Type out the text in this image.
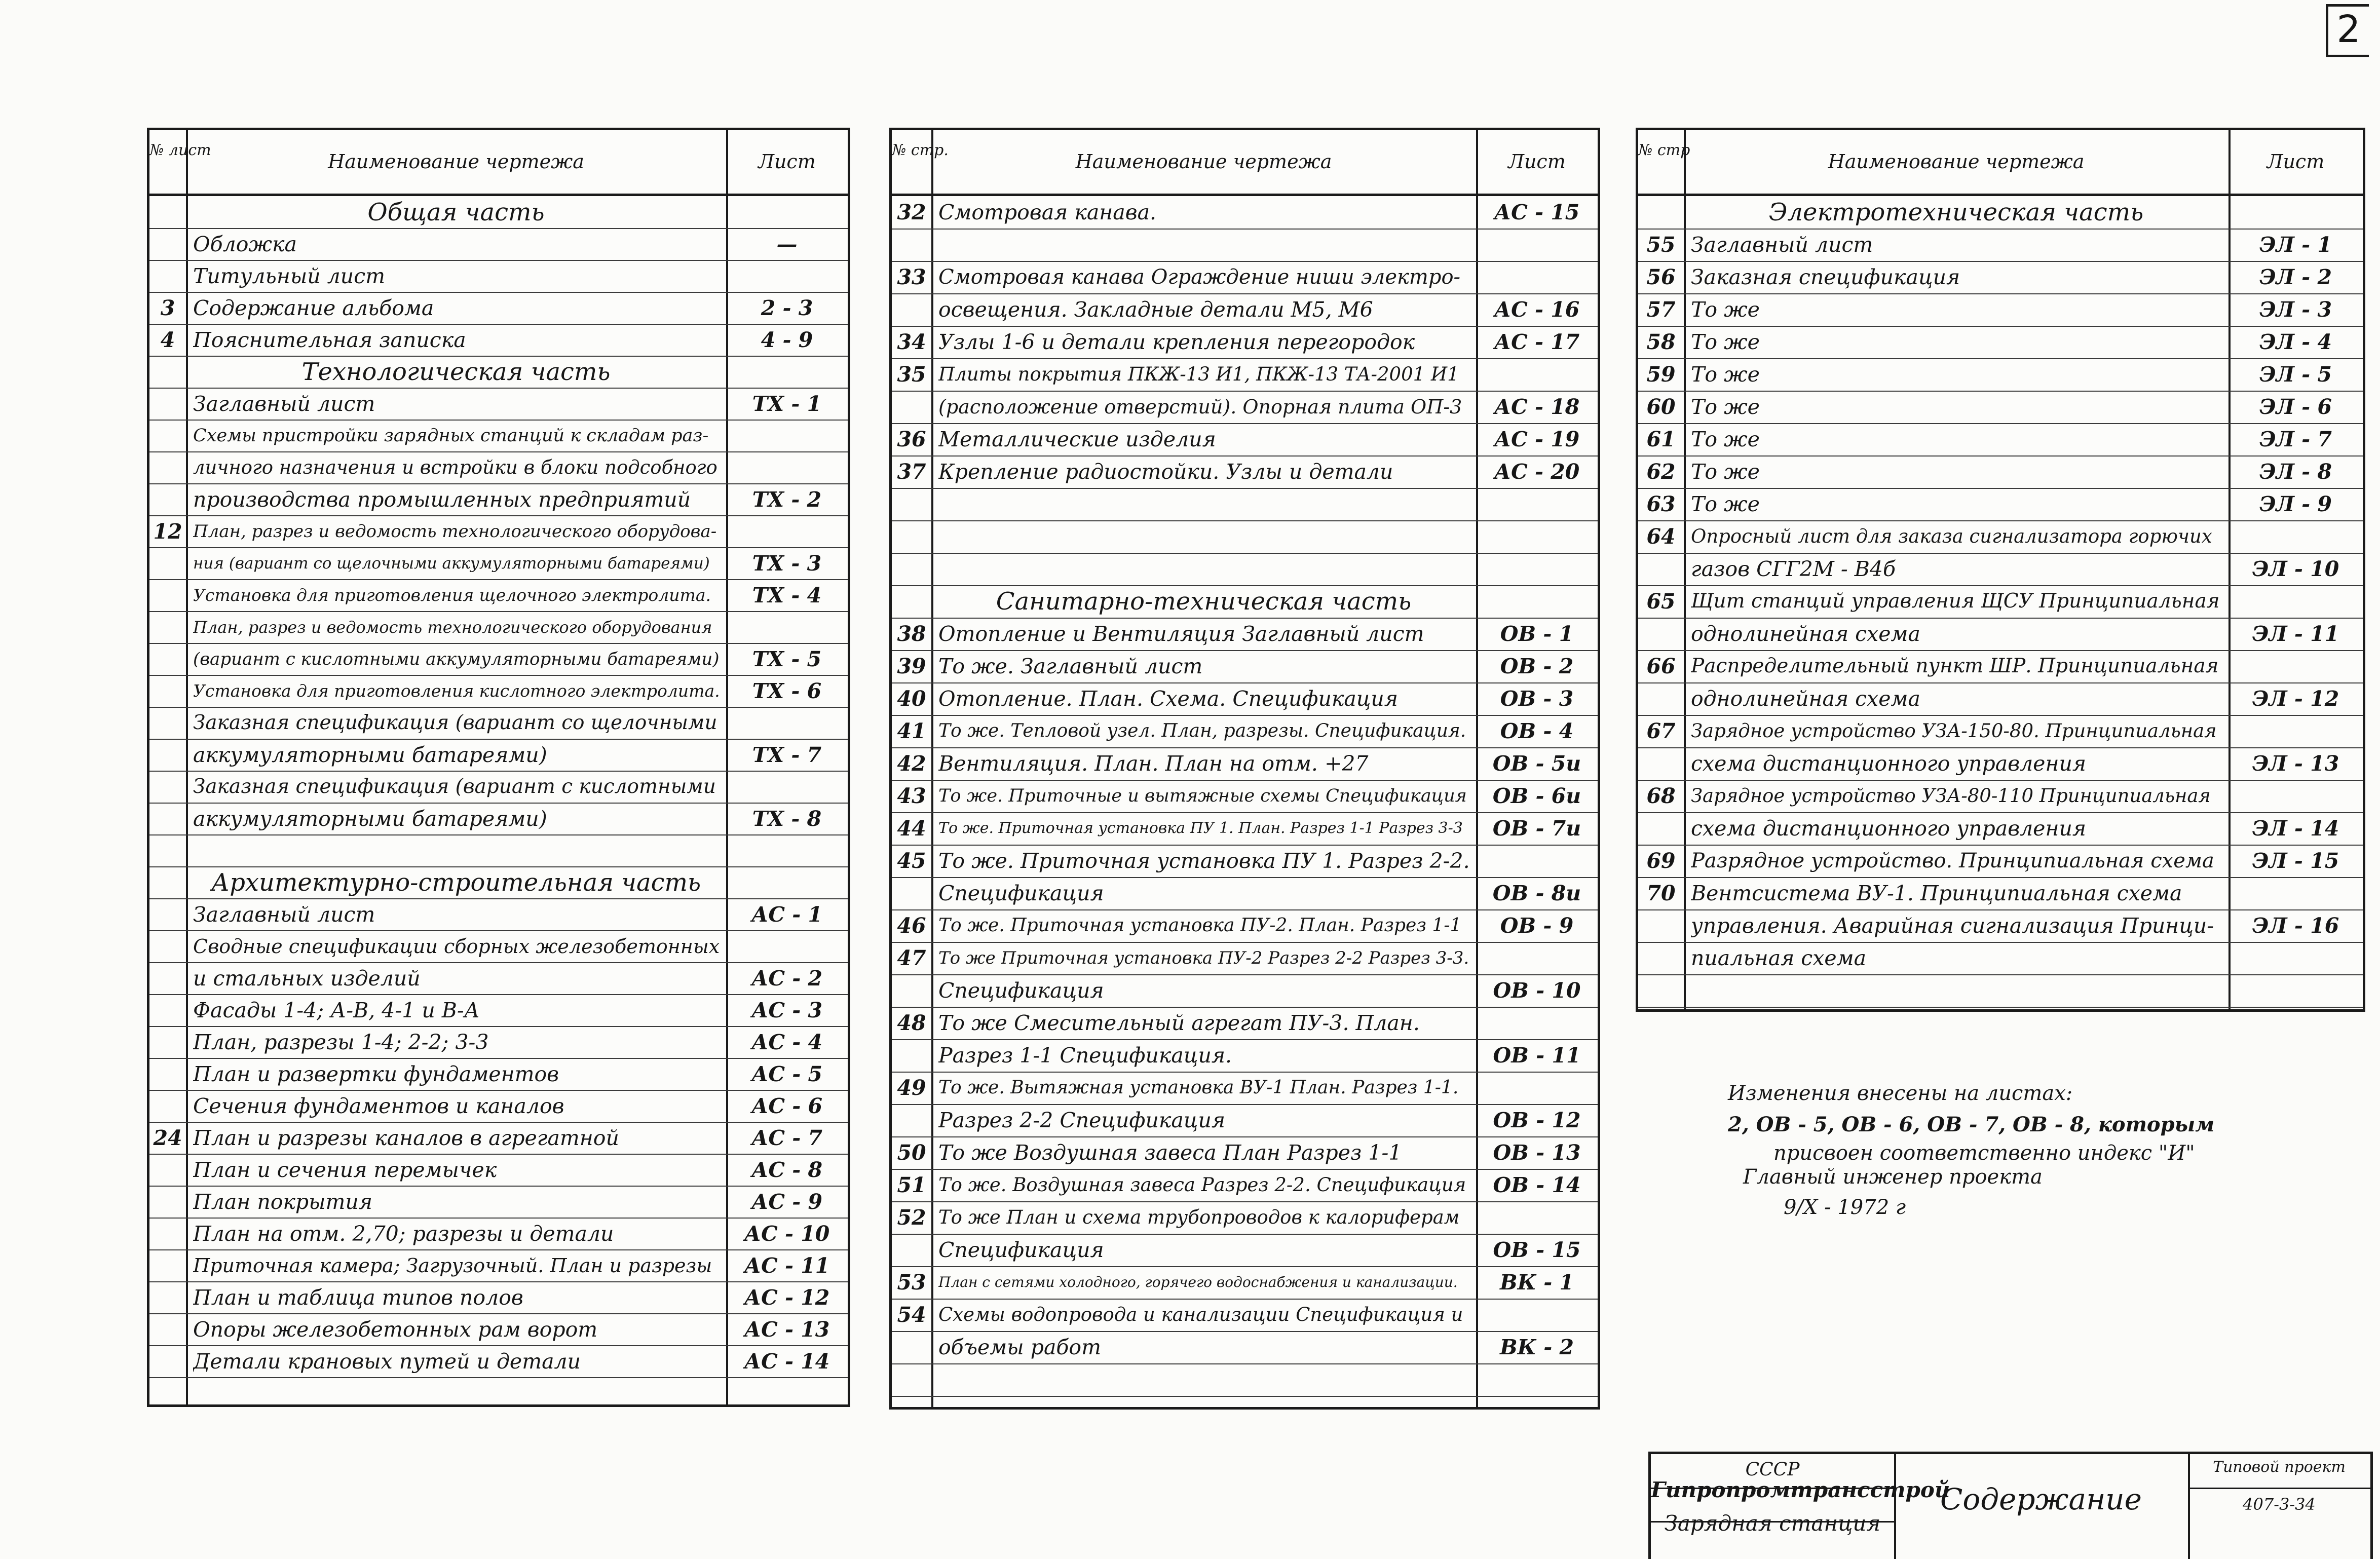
2
№ лист
Наименование чертежа	Лист
Общая часть
Обложка	—
Титульный лист
3 Содержание альбома	2 - 3
4 Пояснительная записка	4 - 9
Технологическая часть
Заглавный лист	ТХ - 1
Схемы пристройки зарядных станций к складам раз-
личного назначения и встройки в блоки подсобного
производства промышленных предприятий	ТХ - 2
12 План, разрез и ведомость технологического оборудова-
ния (вариант со щелочными аккумуляторными батареями)	ТХ - 3
Установка для приготовления щелочного электролита.	ТХ - 4
План, разрез и ведомость технологического оборудования
(вариант с кислотными аккумуляторными батареями)	ТХ - 5
Установка для приготовления кислотного электролита.	ТХ - 6
Заказная спецификация (вариант со щелочными
аккумуляторными батареями)	ТХ - 7
Заказная спецификация (вариант с кислотными
аккумуляторными батареями)	ТХ - 8
Архитектурно-строительная часть
Заглавный лист	АС - 1
Сводные спецификации сборных железобетонных
и стальных изделий	АС - 2
Фасады 1-4; А-В, 4-1 и В-А	АС - 3
План, разрезы 1-4; 2-2; 3-3	АС - 4
План и развертки фундаментов	АС - 5
Сечения фундаментов и каналов	АС - 6
24 План и разрезы каналов в агрегатной	АС - 7
План и сечения перемычек	АС - 8
План покрытия	АС - 9
План на отм. 2,70; разрезы и детали	АС - 10
Приточная камера; Загрузочный. План и разрезы	АС - 11
План и таблица типов полов	АС - 12
Опоры железобетонных рам ворот	АС - 13
Детали крановых путей и детали	АС - 14
№ стр.
Наименование чертежа	Лист
32 Смотровая канава.	АС - 15
33 Смотровая канава Ограждение ниши электро-
освещения. Закладные детали М5, М6	АС - 16
34 Узлы 1-6 и детали крепления перегородок	АС - 17
35 Плиты покрытия ПКЖ-13 И1, ПКЖ-13 ТА-2001 И1
(расположение отверстий). Опорная плита ОП-3	АС - 18
36 Металлические изделия	АС - 19
37 Крепление радиостойки. Узлы и детали	АС - 20
Санитарно-техническая часть
38 Отопление и Вентиляция Заглавный лист	ОВ - 1
39 То же. Заглавный лист	ОВ - 2
40 Отопление. План. Схема. Спецификация	ОВ - 3
41 То же. Тепловой узел. План, разрезы. Спецификация.	ОВ - 4
42 Вентиляция. План. План на отм. +27	ОВ - 5и
43 То же. Приточные и вытяжные схемы Спецификация	ОВ - 6и
44 То же. Приточная установка ПУ 1. План. Разрез 1-1 Разрез 3-3	ОВ - 7и
45 То же. Приточная установка ПУ 1. Разрез 2-2.
Спецификация	ОВ - 8и
46 То же. Приточная установка ПУ-2. План. Разрез 1-1	ОВ - 9
47 То же Приточная установка ПУ-2 Разрез 2-2 Разрез 3-3.
Спецификация	ОВ - 10
48 То же Смесительный агрегат ПУ-3. План.
Разрез 1-1 Спецификация.	ОВ - 11
49 То же. Вытяжная установка ВУ-1 План. Разрез 1-1.
Разрез 2-2 Спецификация	ОВ - 12
50 То же Воздушная завеса План Разрез 1-1	ОВ - 13
51 То же. Воздушная завеса Разрез 2-2. Спецификация	ОВ - 14
52 То же План и схема трубопроводов к калориферам
Спецификация	ОВ - 15
53 План с сетями холодного, горячего водоснабжения и канализации.	ВК - 1
54 Схемы водопровода и канализации Спецификация и
объемы работ	ВК - 2
№ стр
Наименование чертежа	Лист
Электротехническая часть
55 Заглавный лист	ЭЛ - 1
56 Заказная спецификация	ЭЛ - 2
57 То же	ЭЛ - 3
58 То же	ЭЛ - 4
59 То же	ЭЛ - 5
60 То же	ЭЛ - 6
61 То же	ЭЛ - 7
62 То же	ЭЛ - 8
63 То же	ЭЛ - 9
64 Опросный лист для заказа сигнализатора горючих
газов СГГ2М - В4б	ЭЛ - 10
65 Щит станций управления ЩСУ Принципиальная
однолинейная схема	ЭЛ - 11
66 Распределительный пункт ШР. Принципиальная
однолинейная схема	ЭЛ - 12
67 Зарядное устройство УЗА-150-80. Принципиальная
схема дистанционного управления	ЭЛ - 13
68 Зарядное устройство УЗА-80-110 Принципиальная
схема дистанционного управления	ЭЛ - 14
69 Разрядное устройство. Принципиальная схема	ЭЛ - 15
70 Вентсистема ВУ-1. Принципиальная схема
управления. Аварийная сигнализация Принци-	ЭЛ - 16
пиальная схема
Изменения внесены на листах:
2, ОВ - 5, ОВ - 6, ОВ - 7, ОВ - 8, которым
присвоен соответственно индекс "И"
Главный инженер проекта
9/X - 1972 г
СССР
Гипропромтрансстрой
Зарядная станция
Содержание
Типовой проект
407-3-34
